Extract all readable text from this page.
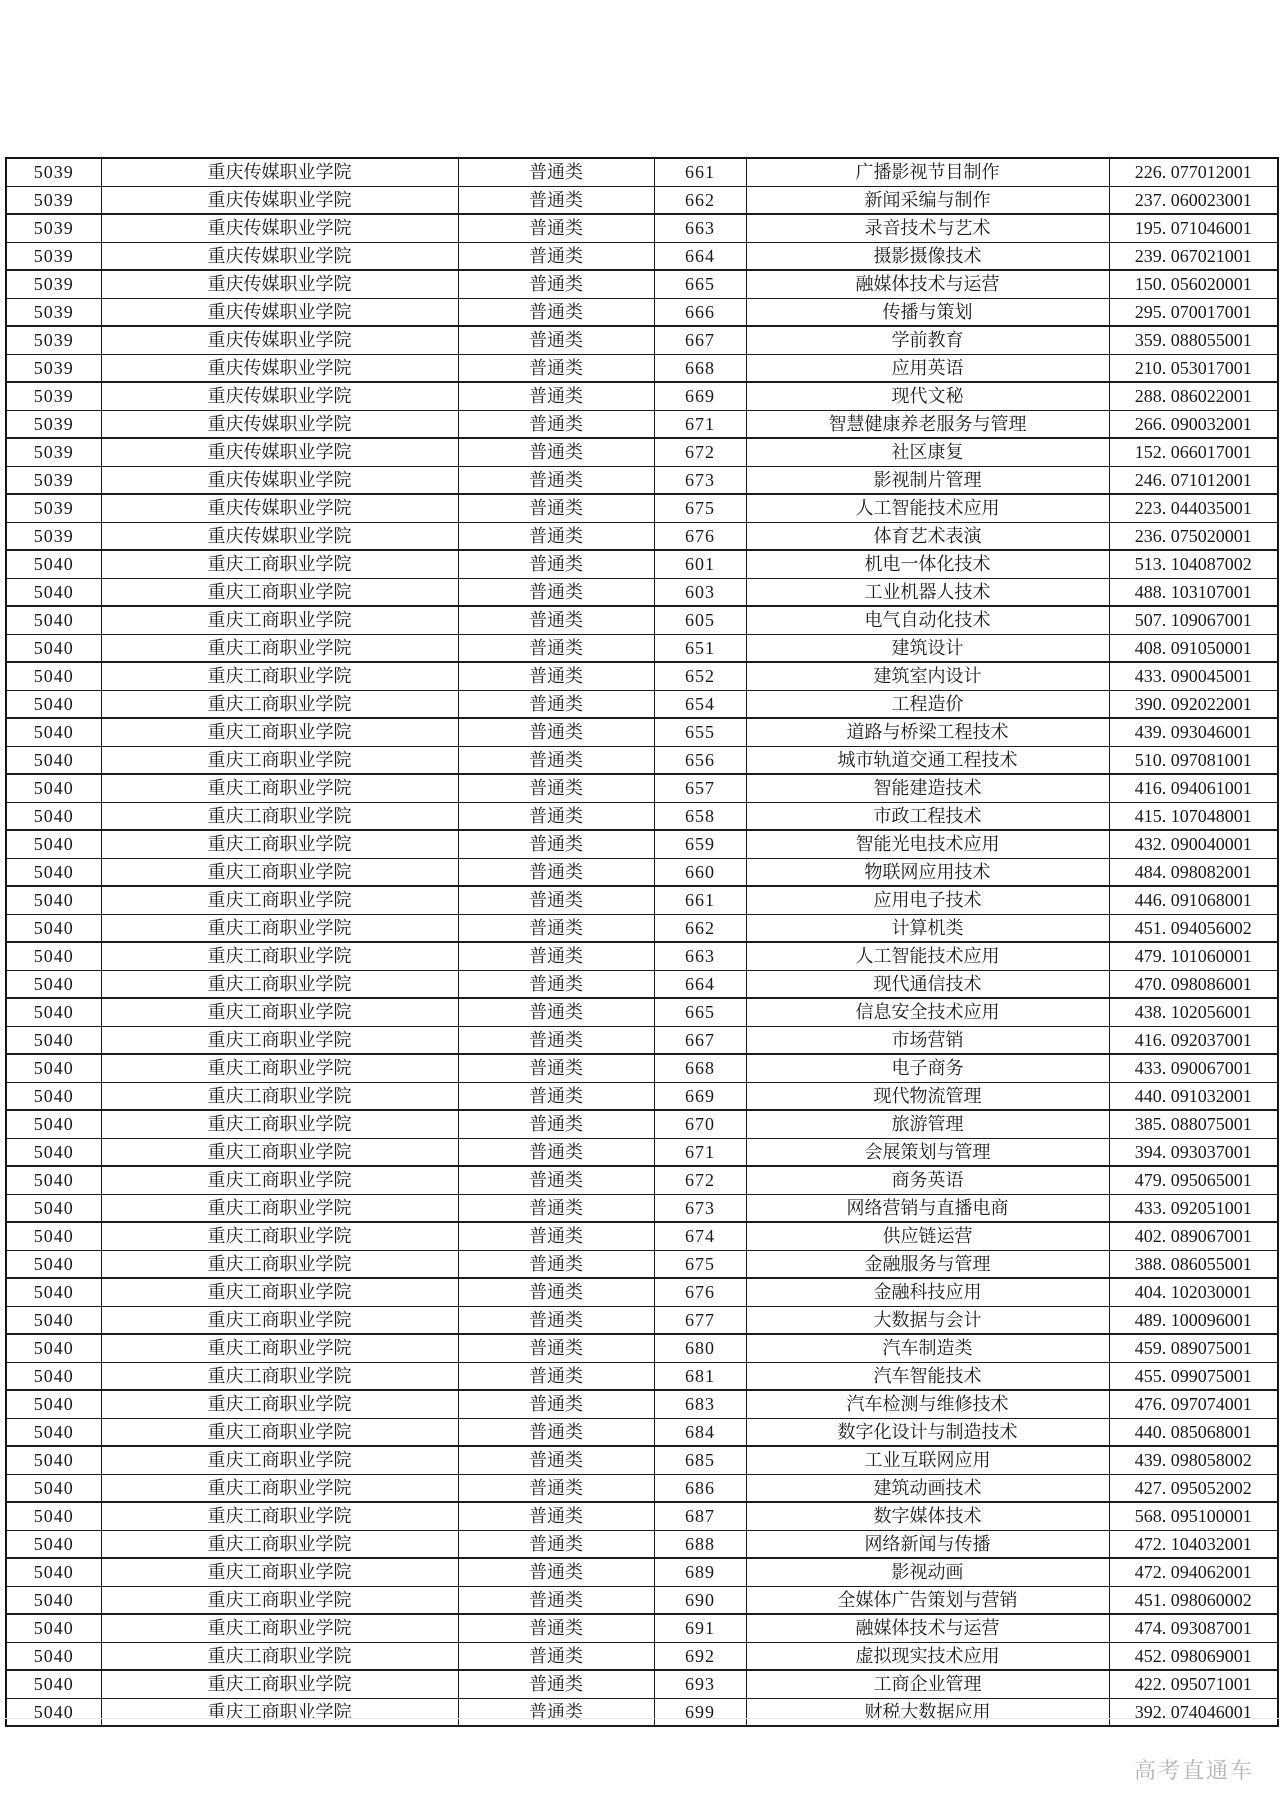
5039	重庆传媒职业学院	普通类	661	广播影视节目制作	226. 077012001
5039	重庆传媒职业学院	普通类	662	新闻采编与制作	237. 060023001
5039	重庆传媒职业学院	普通类	663	录音技术与艺术	195. 071046001
5039	重庆传媒职业学院	普通类	664	摄影摄像技术	239. 067021001
5039	重庆传媒职业学院	普通类	665	融媒体技术与运营	150. 056020001
5039	重庆传媒职业学院	普通类	666	传播与策划	295. 070017001
5039	重庆传媒职业学院	普通类	667	学前教育	359. 088055001
5039	重庆传媒职业学院	普通类	668	应用英语	210. 053017001
5039	重庆传媒职业学院	普通类	669	现代文秘	288. 086022001
5039	重庆传媒职业学院	普通类	671	智慧健康养老服务与管理	266. 090032001
5039	重庆传媒职业学院	普通类	672	社区康复	152. 066017001
5039	重庆传媒职业学院	普通类	673	影视制片管理	246. 071012001
5039	重庆传媒职业学院	普通类	675	人工智能技术应用	223. 044035001
5039	重庆传媒职业学院	普通类	676	体育艺术表演	236. 075020001
5040	重庆工商职业学院	普通类	601	机电一体化技术	513. 104087002
5040	重庆工商职业学院	普通类	603	工业机器人技术	488. 103107001
5040	重庆工商职业学院	普通类	605	电气自动化技术	507. 109067001
5040	重庆工商职业学院	普通类	651	建筑设计	408. 091050001
5040	重庆工商职业学院	普通类	652	建筑室内设计	433. 090045001
5040	重庆工商职业学院	普通类	654	工程造价	390. 092022001
5040	重庆工商职业学院	普通类	655	道路与桥梁工程技术	439. 093046001
5040	重庆工商职业学院	普通类	656	城市轨道交通工程技术	510. 097081001
5040	重庆工商职业学院	普通类	657	智能建造技术	416. 094061001
5040	重庆工商职业学院	普通类	658	市政工程技术	415. 107048001
5040	重庆工商职业学院	普通类	659	智能光电技术应用	432. 090040001
5040	重庆工商职业学院	普通类	660	物联网应用技术	484. 098082001
5040	重庆工商职业学院	普通类	661	应用电子技术	446. 091068001
5040	重庆工商职业学院	普通类	662	计算机类	451. 094056002
5040	重庆工商职业学院	普通类	663	人工智能技术应用	479. 101060001
5040	重庆工商职业学院	普通类	664	现代通信技术	470. 098086001
5040	重庆工商职业学院	普通类	665	信息安全技术应用	438. 102056001
5040	重庆工商职业学院	普通类	667	市场营销	416. 092037001
5040	重庆工商职业学院	普通类	668	电子商务	433. 090067001
5040	重庆工商职业学院	普通类	669	现代物流管理	440. 091032001
5040	重庆工商职业学院	普通类	670	旅游管理	385. 088075001
5040	重庆工商职业学院	普通类	671	会展策划与管理	394. 093037001
5040	重庆工商职业学院	普通类	672	商务英语	479. 095065001
5040	重庆工商职业学院	普通类	673	网络营销与直播电商	433. 092051001
5040	重庆工商职业学院	普通类	674	供应链运营	402. 089067001
5040	重庆工商职业学院	普通类	675	金融服务与管理	388. 086055001
5040	重庆工商职业学院	普通类	676	金融科技应用	404. 102030001
5040	重庆工商职业学院	普通类	677	大数据与会计	489. 100096001
5040	重庆工商职业学院	普通类	680	汽车制造类	459. 089075001
5040	重庆工商职业学院	普通类	681	汽车智能技术	455. 099075001
5040	重庆工商职业学院	普通类	683	汽车检测与维修技术	476. 097074001
5040	重庆工商职业学院	普通类	684	数字化设计与制造技术	440. 085068001
5040	重庆工商职业学院	普通类	685	工业互联网应用	439. 098058002
5040	重庆工商职业学院	普通类	686	建筑动画技术	427. 095052002
5040	重庆工商职业学院	普通类	687	数字媒体技术	568. 095100001
5040	重庆工商职业学院	普通类	688	网络新闻与传播	472. 104032001
5040	重庆工商职业学院	普通类	689	影视动画	472. 094062001
5040	重庆工商职业学院	普通类	690	全媒体广告策划与营销	451. 098060002
5040	重庆工商职业学院	普通类	691	融媒体技术与运营	474. 093087001
5040	重庆工商职业学院	普通类	692	虚拟现实技术应用	452. 098069001
5040	重庆工商职业学院	普通类	693	工商企业管理	422. 095071001
5040	重庆工商职业学院	普通类	699	财税大数据应用	392. 074046001
高考直通车
